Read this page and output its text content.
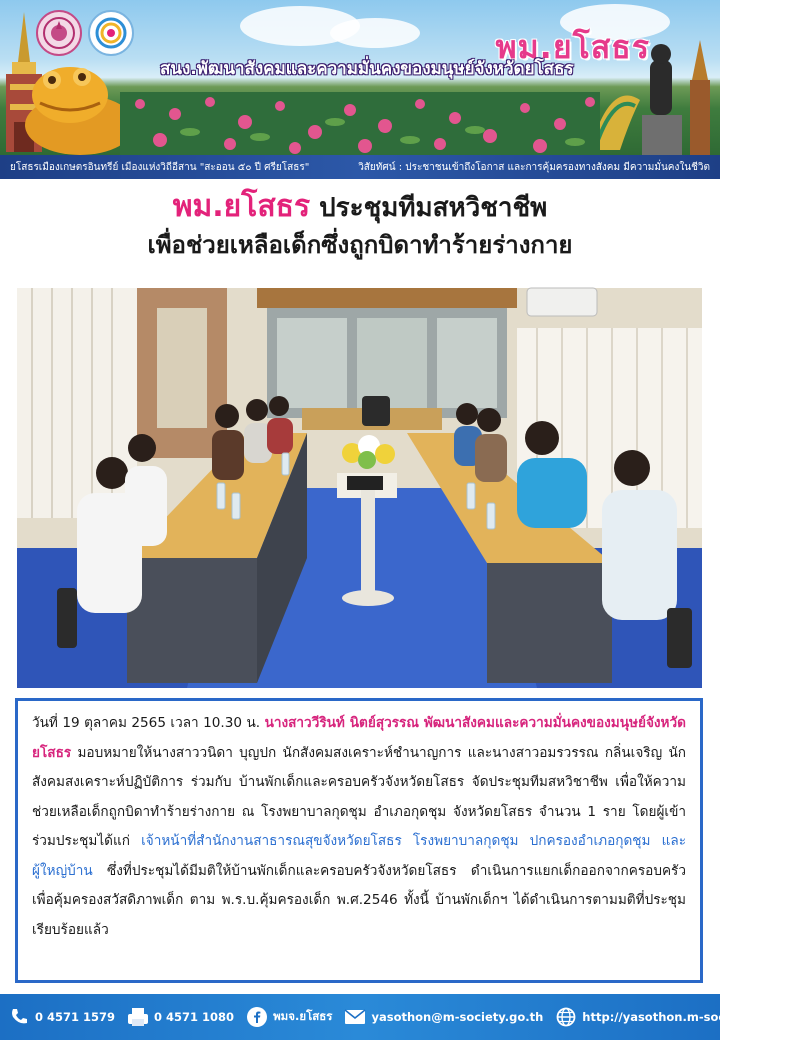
พม.ยโสธร
สนง.พัฒนาสังคมและความมั่นคงของมนุษย์จังหวัดยโสธร
ยโสธรเมืองเกษตรอินทรีย์ เมืองแห่งวิถีอีสาน "สะออน ๕๐ ปี ศรียโสธร"	วิสัยทัศน์ : ประชาชนเข้าถึงโอกาส และการคุ้มครองทางสังคม มีความมั่นคงในชีวิต
พม.ยโสธร ประชุมทีมสหวิชาชีพ
เพื่อช่วยเหลือเด็กซึ่งถูกบิดาทำร้ายร่างกาย
วันที่ 19 ตุลาคม 2565 เวลา 10.30 น. นางสาววีรินท์ นิตย์สุวรรณ พัฒนาสังคมและความมั่นคงของมนุษย์จังหวัดยโสธร มอบหมายให้นางสาววนิดา บุญปก นักสังคมสงเคราะห์ชำนาญการ และนางสาวอมรวรรณ กลิ่นเจริญ นักสังคมสงเคราะห์ปฏิบัติการ ร่วมกับ บ้านพักเด็กและครอบครัวจังหวัดยโสธร จัดประชุมทีมสหวิชาชีพ เพื่อให้ความช่วยเหลือเด็กถูกบิดาทำร้ายร่างกาย ณ โรงพยาบาลกุดชุม อำเภอกุดชุม จังหวัดยโสธร จำนวน 1 ราย โดยผู้เข้าร่วมประชุมได้แก่ เจ้าหน้าที่สำนักงานสาธารณสุขจังหวัดยโสธร โรงพยาบาลกุดชุม ปกครองอำเภอกุดชุม และผู้ใหญ่บ้าน ซึ่งที่ประชุมได้มีมติให้บ้านพักเด็กและครอบครัวจังหวัดยโสธร ดำเนินการแยกเด็กออกจากครอบครัว เพื่อคุ้มครองสวัสดิภาพเด็ก ตาม พ.ร.บ.คุ้มครองเด็ก พ.ศ.2546 ทั้งนี้ บ้านพักเด็กฯ ได้ดำเนินการตามมติที่ประชุมเรียบร้อยแล้ว
0 4571 1579	0 4571 1080	พมจ.ยโสธร	yasothon@m-society.go.th	http://yasothon.m-society.go.th/
